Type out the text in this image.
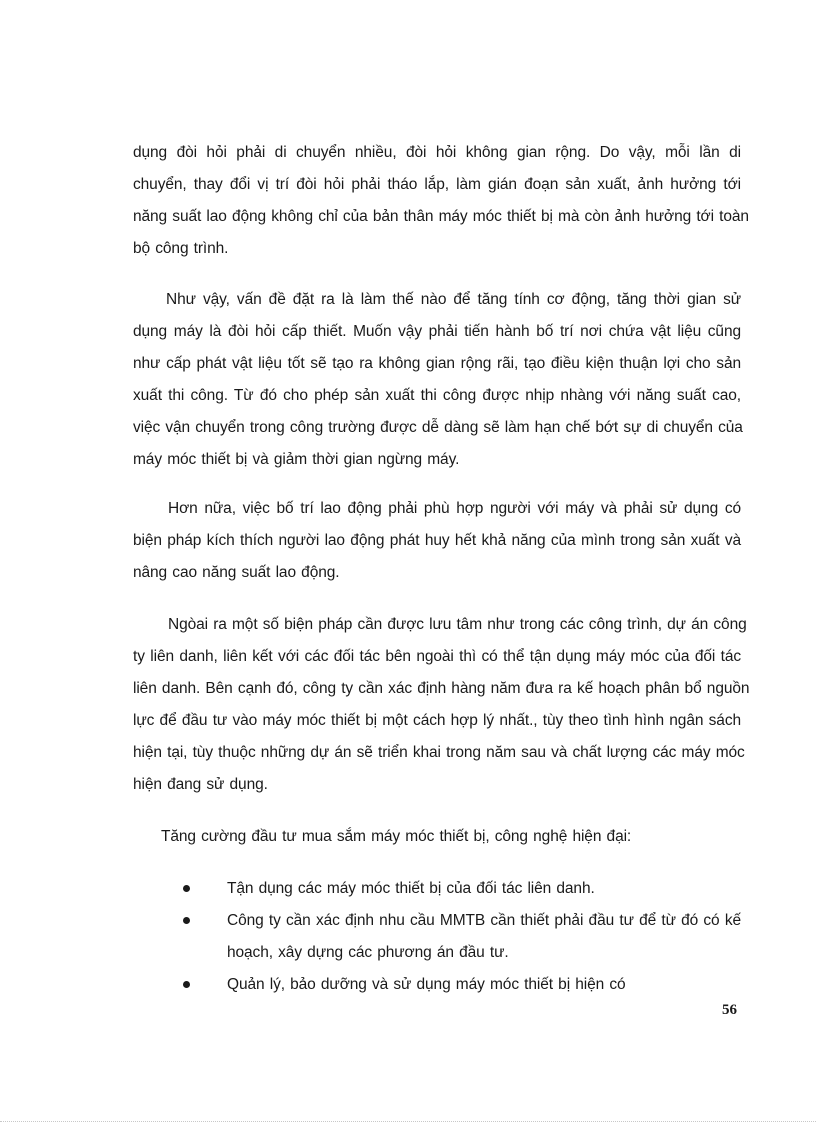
dụng đòi hỏi phải di chuyển nhiều, đòi hỏi không gian rộng. Do vậy, mỗi lần di
chuyển, thay đổi vị trí đòi hỏi phải tháo lắp, làm gián đoạn sản xuất, ảnh hưởng tới
năng suất lao động không chỉ của bản thân máy móc thiết bị mà còn ảnh hưởng tới toàn
bộ công trình.
Như vậy, vấn đề đặt ra là làm thế nào để tăng tính cơ động, tăng thời gian sử
dụng máy là đòi hỏi cấp thiết. Muốn vậy phải tiến hành bố trí nơi chứa vật liệu cũng
như cấp phát vật liệu tốt sẽ tạo ra không gian rộng rãi, tạo điều kiện thuận lợi cho sản
xuất thi công. Từ đó cho phép sản xuất thi công được nhịp nhàng với năng suất cao,
việc vận chuyển trong công trường được dễ dàng sẽ làm hạn chế bớt sự di chuyển của
máy móc thiết bị và giảm thời gian ngừng máy.
Hơn nữa, việc bố trí lao động phải phù hợp người với máy và phải sử dụng có
biện pháp kích thích người lao động phát huy hết khả năng của mình trong sản xuất và
nâng cao năng suất lao động.
Ngòai ra một số biện pháp cần được lưu tâm như trong các công trình, dự án công
ty liên danh, liên kết với các đối tác bên ngoài thì có thể tận dụng máy móc của đối tác
liên danh. Bên cạnh đó, công ty cần xác định hàng năm đưa ra kế hoạch phân bổ nguồn
lực để đầu tư vào máy móc thiết bị một cách hợp lý nhất., tùy theo tình hình ngân sách
hiện tại, tùy thuộc những dự án sẽ triển khai trong năm sau và chất lượng các máy móc
hiện đang sử dụng.
Tăng cường đầu tư mua sắm máy móc thiết bị, công nghệ hiện đại:
Tận dụng các máy móc thiết bị của đối tác liên danh.
Công ty cần xác định nhu cầu MMTB cần thiết phải đầu tư để từ đó có kế
hoạch, xây dựng các phương án đầu tư.
Quản lý, bảo dưỡng và sử dụng máy móc thiết bị hiện có
56
